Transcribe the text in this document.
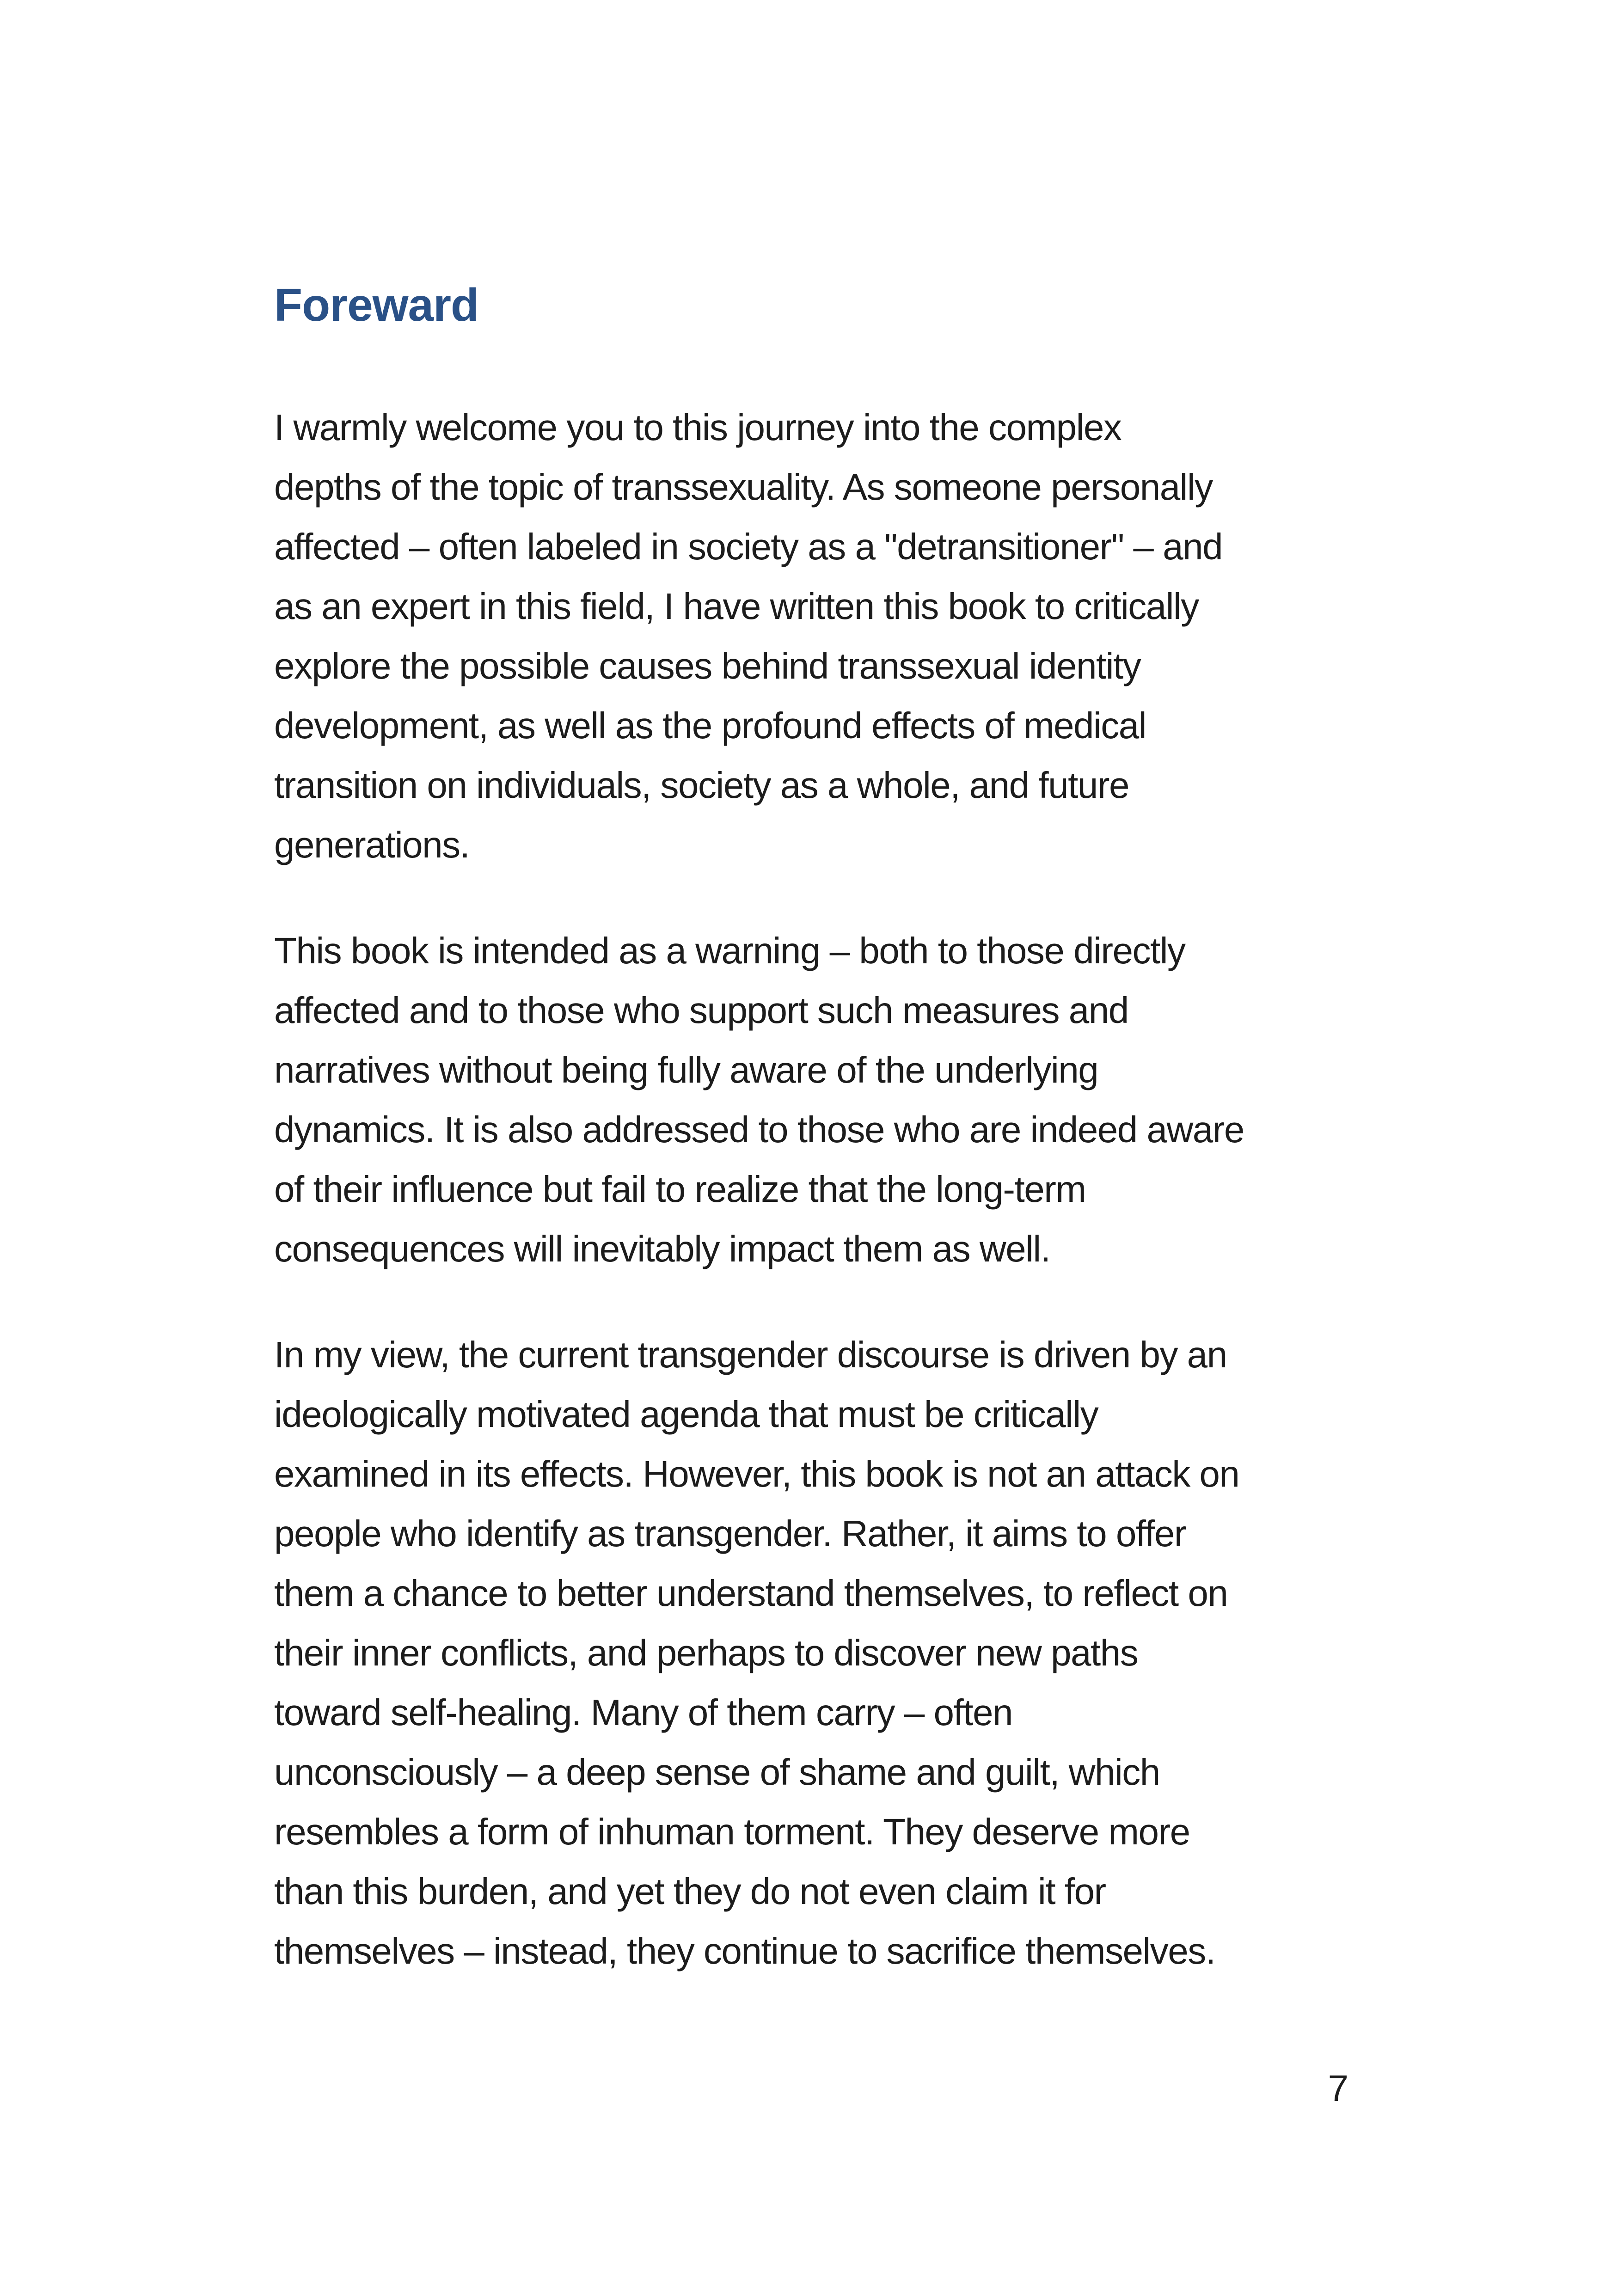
Foreward

I warmly welcome you to this journey into the complex
depths of the topic of transsexuality. As someone personally
affected – often labeled in society as a "detransitioner" – and
as an expert in this field, I have written this book to critically
explore the possible causes behind transsexual identity
development, as well as the profound effects of medical
transition on individuals, society as a whole, and future
generations.

This book is intended as a warning – both to those directly
affected and to those who support such measures and
narratives without being fully aware of the underlying
dynamics. It is also addressed to those who are indeed aware
of their influence but fail to realize that the long-term
consequences will inevitably impact them as well.

In my view, the current transgender discourse is driven by an
ideologically motivated agenda that must be critically
examined in its effects. However, this book is not an attack on
people who identify as transgender. Rather, it aims to offer
them a chance to better understand themselves, to reflect on
their inner conflicts, and perhaps to discover new paths
toward self-healing. Many of them carry – often
unconsciously – a deep sense of shame and guilt, which
resembles a form of inhuman torment. They deserve more
than this burden, and yet they do not even claim it for
themselves – instead, they continue to sacrifice themselves.

7
